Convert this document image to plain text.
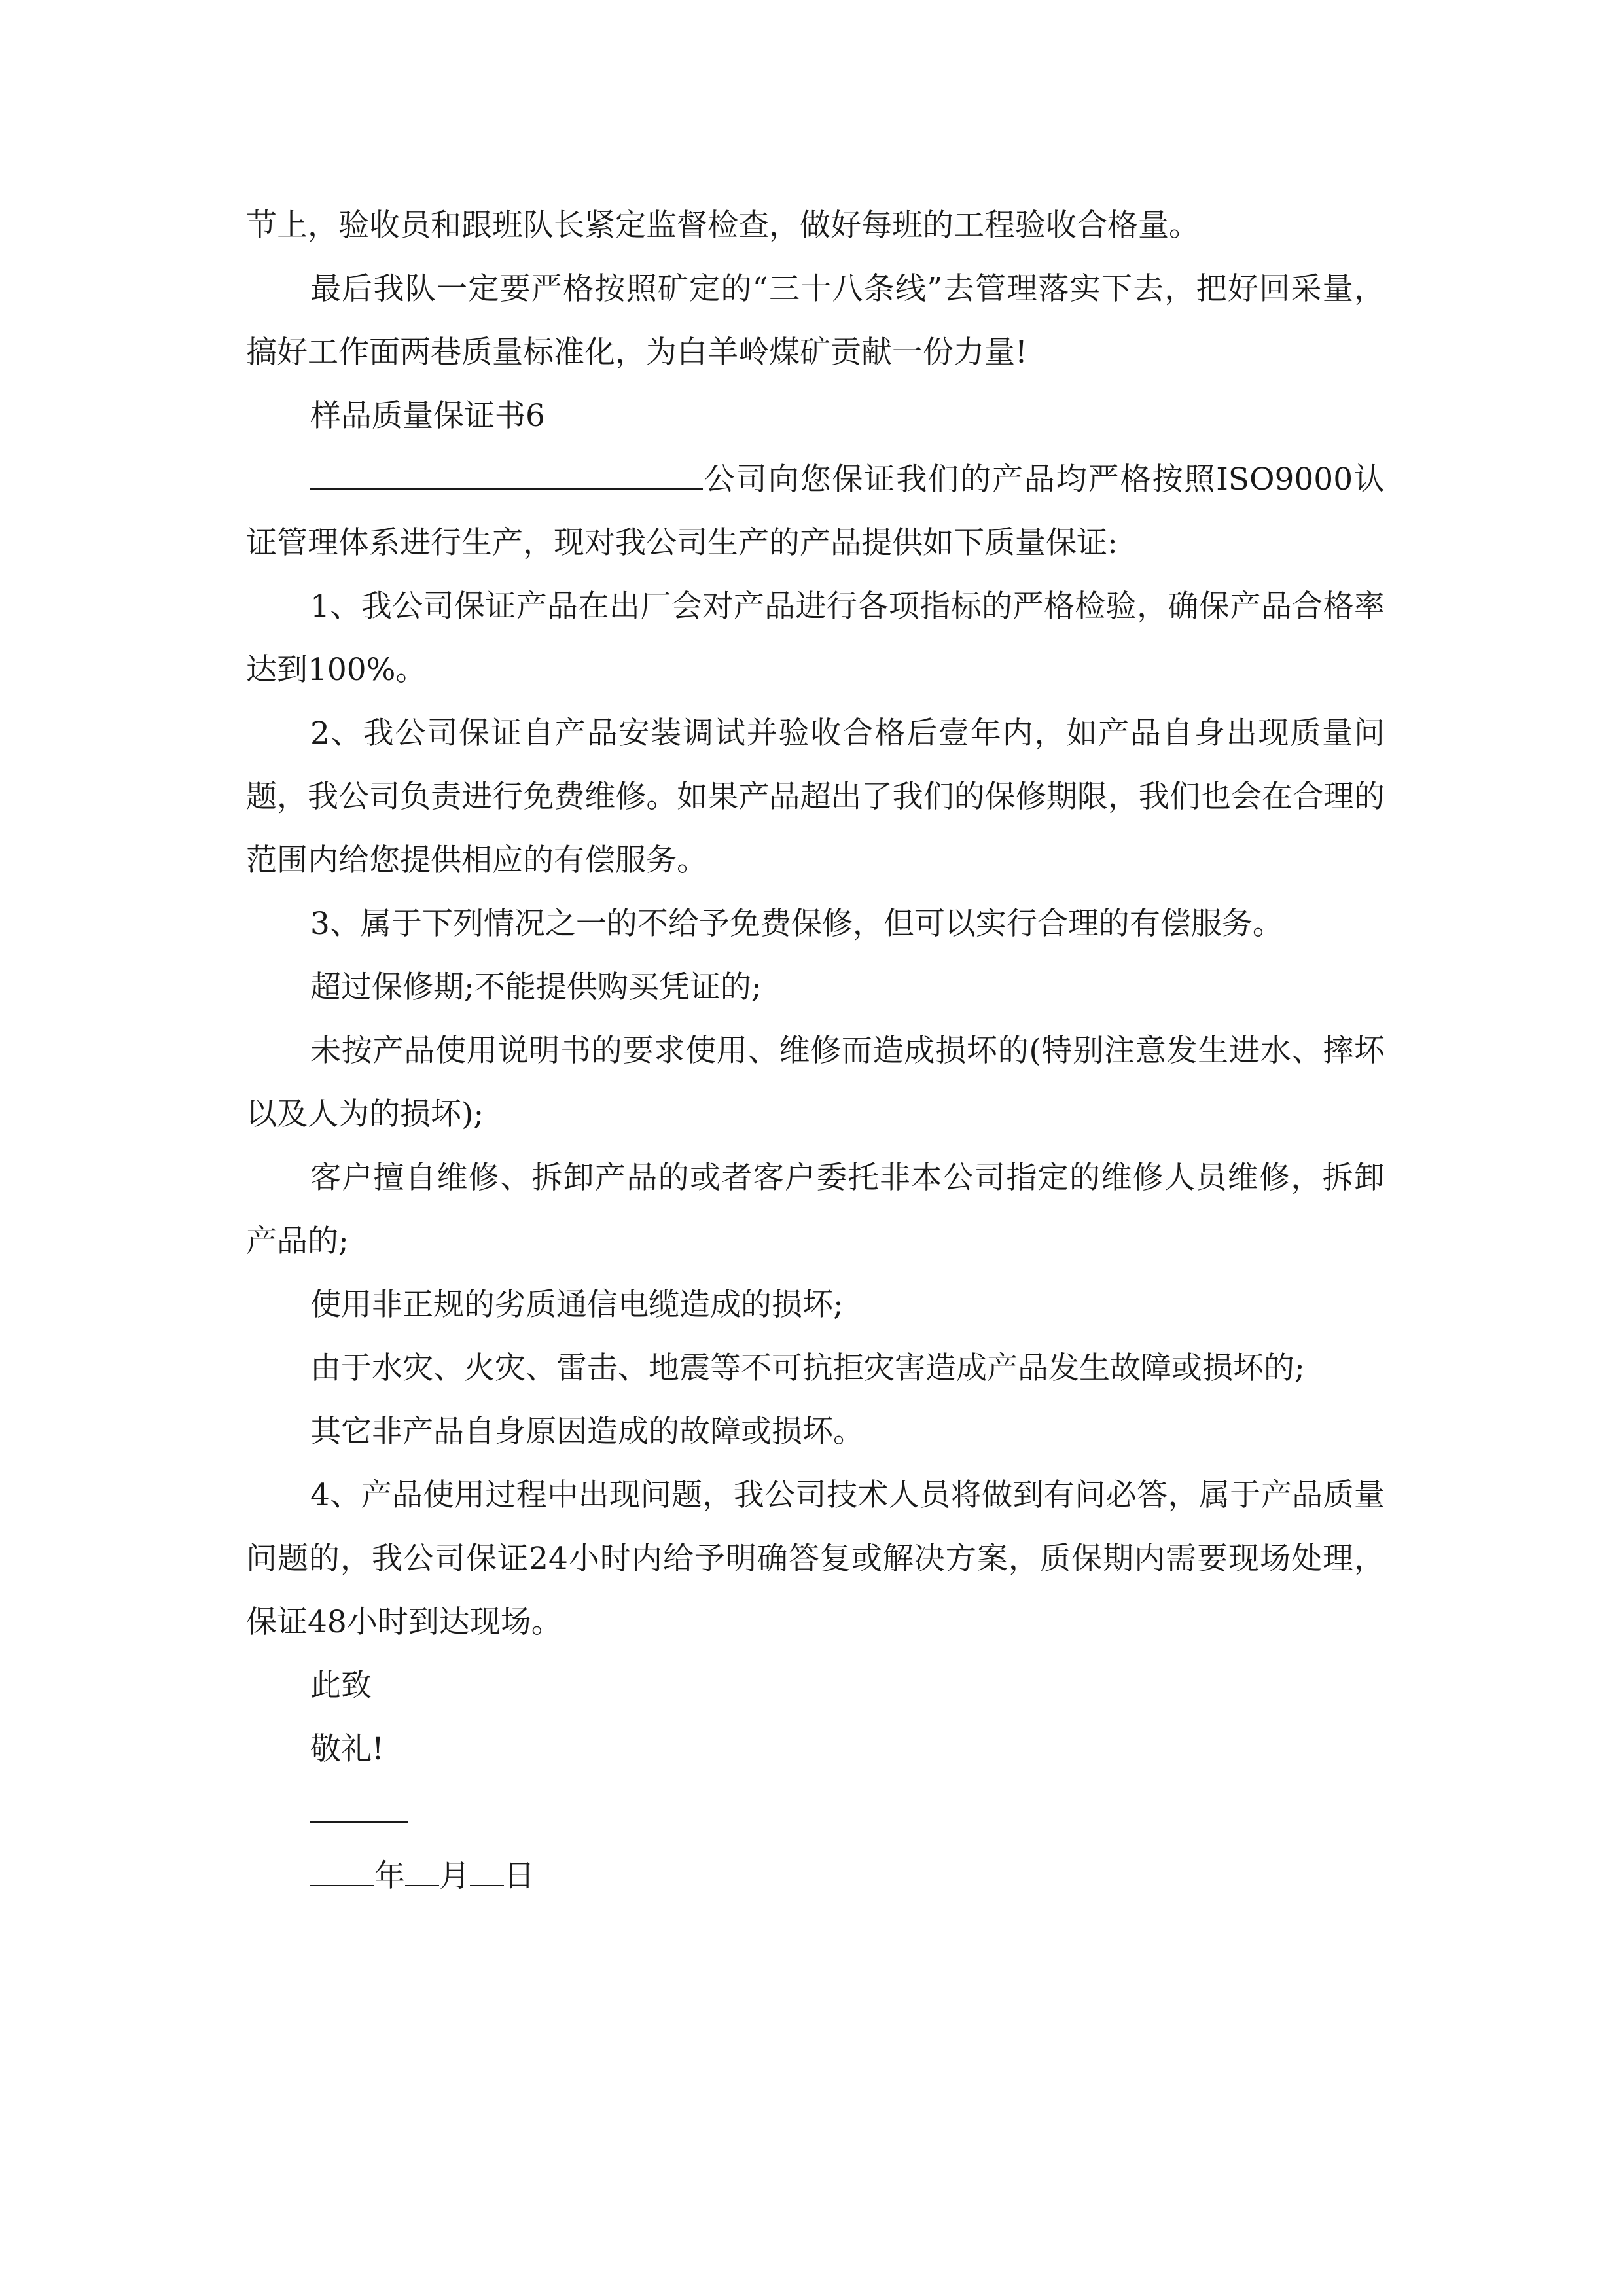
节上，验收员和跟班队长紧定监督检查，做好每班的工程验收合格量。

最后我队一定要严格按照矿定的“三十八条线”去管理落实下去，把好回采量，搞好工作面两巷质量标准化，为白羊岭煤矿贡献一份力量!

样品质量保证书6

公司向您保证我们的产品均严格按照ISO9000认证管理体系进行生产，现对我公司生产的产品提供如下质量保证:

1、我公司保证产品在出厂会对产品进行各项指标的严格检验，确保产品合格率达到100%。

2、我公司保证自产品安装调试并验收合格后壹年内，如产品自身出现质量问题，我公司负责进行免费维修。如果产品超出了我们的保修期限，我们也会在合理的范围内给您提供相应的有偿服务。

3、属于下列情况之一的不给予免费保修，但可以实行合理的有偿服务。

超过保修期;不能提供购买凭证的;

未按产品使用说明书的要求使用、维修而造成损坏的(特别注意发生进水、摔坏以及人为的损坏);

客户擅自维修、拆卸产品的或者客户委托非本公司指定的维修人员维修，拆卸产品的;

使用非正规的劣质通信电缆造成的损坏;

由于水灾、火灾、雷击、地震等不可抗拒灾害造成产品发生故障或损坏的;

其它非产品自身原因造成的故障或损坏。

4、产品使用过程中出现问题，我公司技术人员将做到有问必答，属于产品质量问题的，我公司保证24小时内给予明确答复或解决方案，质保期内需要现场处理，保证48小时到达现场。

此致

敬礼!

年 月 日
